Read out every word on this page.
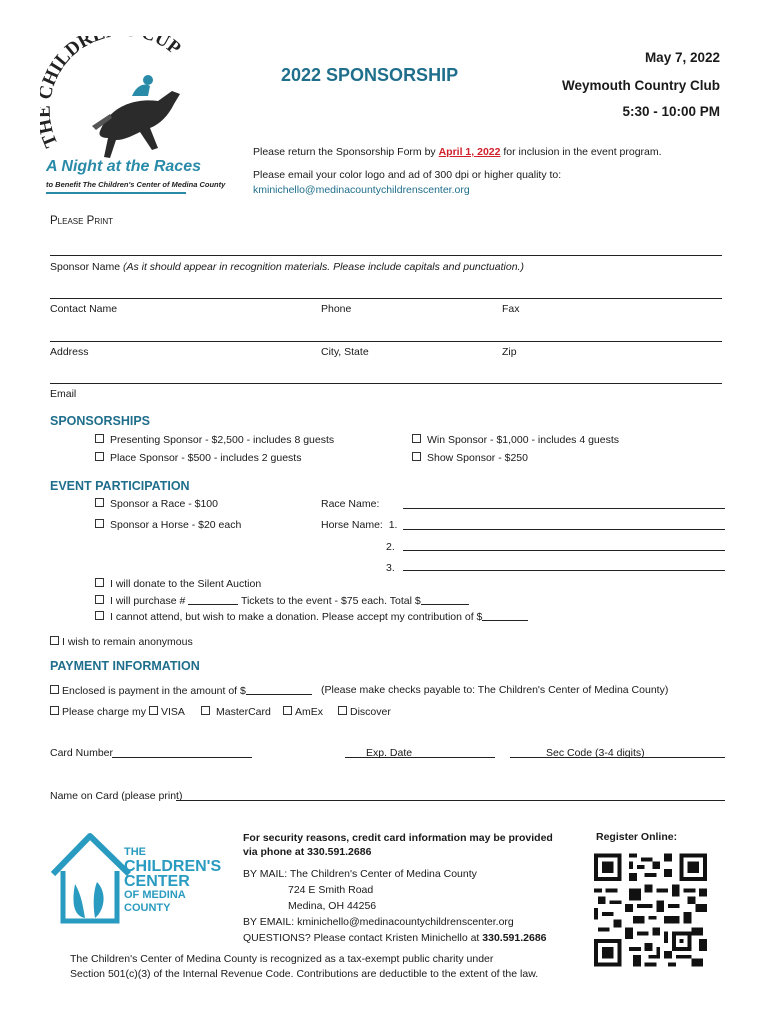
T HILDR UP
A Night at the Races
to Benefit The Children's Center of Medina County
2022 SPONSORSHIP
May 7, 2022
Weymouth Country Club
5:30 - 10:00 PM
Please return the Sponsorship Form by April 1, 2022 for inclusion in the event program.
Please email your color logo and ad of 300 dpi or higher quality to:
kminichello@medinacountychildrenscenter.org
Please Print
Sponsor Name (As it should appear in recognition materials. Please include capitals and punctuation.)
Contact Name	Phone	Fax
Address	City, State	Zip
Email
SPONSORSHIPS
Presenting Sponsor - $2,500 - includes 8 guests	Win Sponsor - $1,000 - includes 4 guests
Place Sponsor - $500 - includes 2 guests	Show Sponsor - $250
EVENT PARTICIPATION
Sponsor a Race - $100	Race Name:
Sponsor a Horse - $20 each	Horse Name: 1.
2.
3.
I will donate to the Silent Auction
I will purchase #	Tickets to the event - $75 each. Total $
I cannot attend, but wish to make a donation. Please accept my contribution of $
I wish to remain anonymous
PAYMENT INFORMATION
Enclosed is payment in the amount of $	(Please make checks payable to: The Children's Center of Medina County)
Please charge my	VISA	MasterCard	AmEx	Discover
Card Number	Exp. Date	Sec Code (3-4 digits)
Name on Card (please print)
THE
CHILDREN'S
CENTER
OF MEDINA
COUNTY
For security reasons, credit card information may be provided via phone at 330.591.2686
Register Online:
BY MAIL: The Children's Center of Medina County
724 E Smith Road
Medina, OH 44256
BY EMAIL: kminichello@medinacountychildrenscenter.org
QUESTIONS? Please contact Kristen Minichello at 330.591.2686
The Children's Center of Medina County is recognized as a tax-exempt public charity under
Section 501(c)(3) of the Internal Revenue Code. Contributions are deductible to the extent of the law.
